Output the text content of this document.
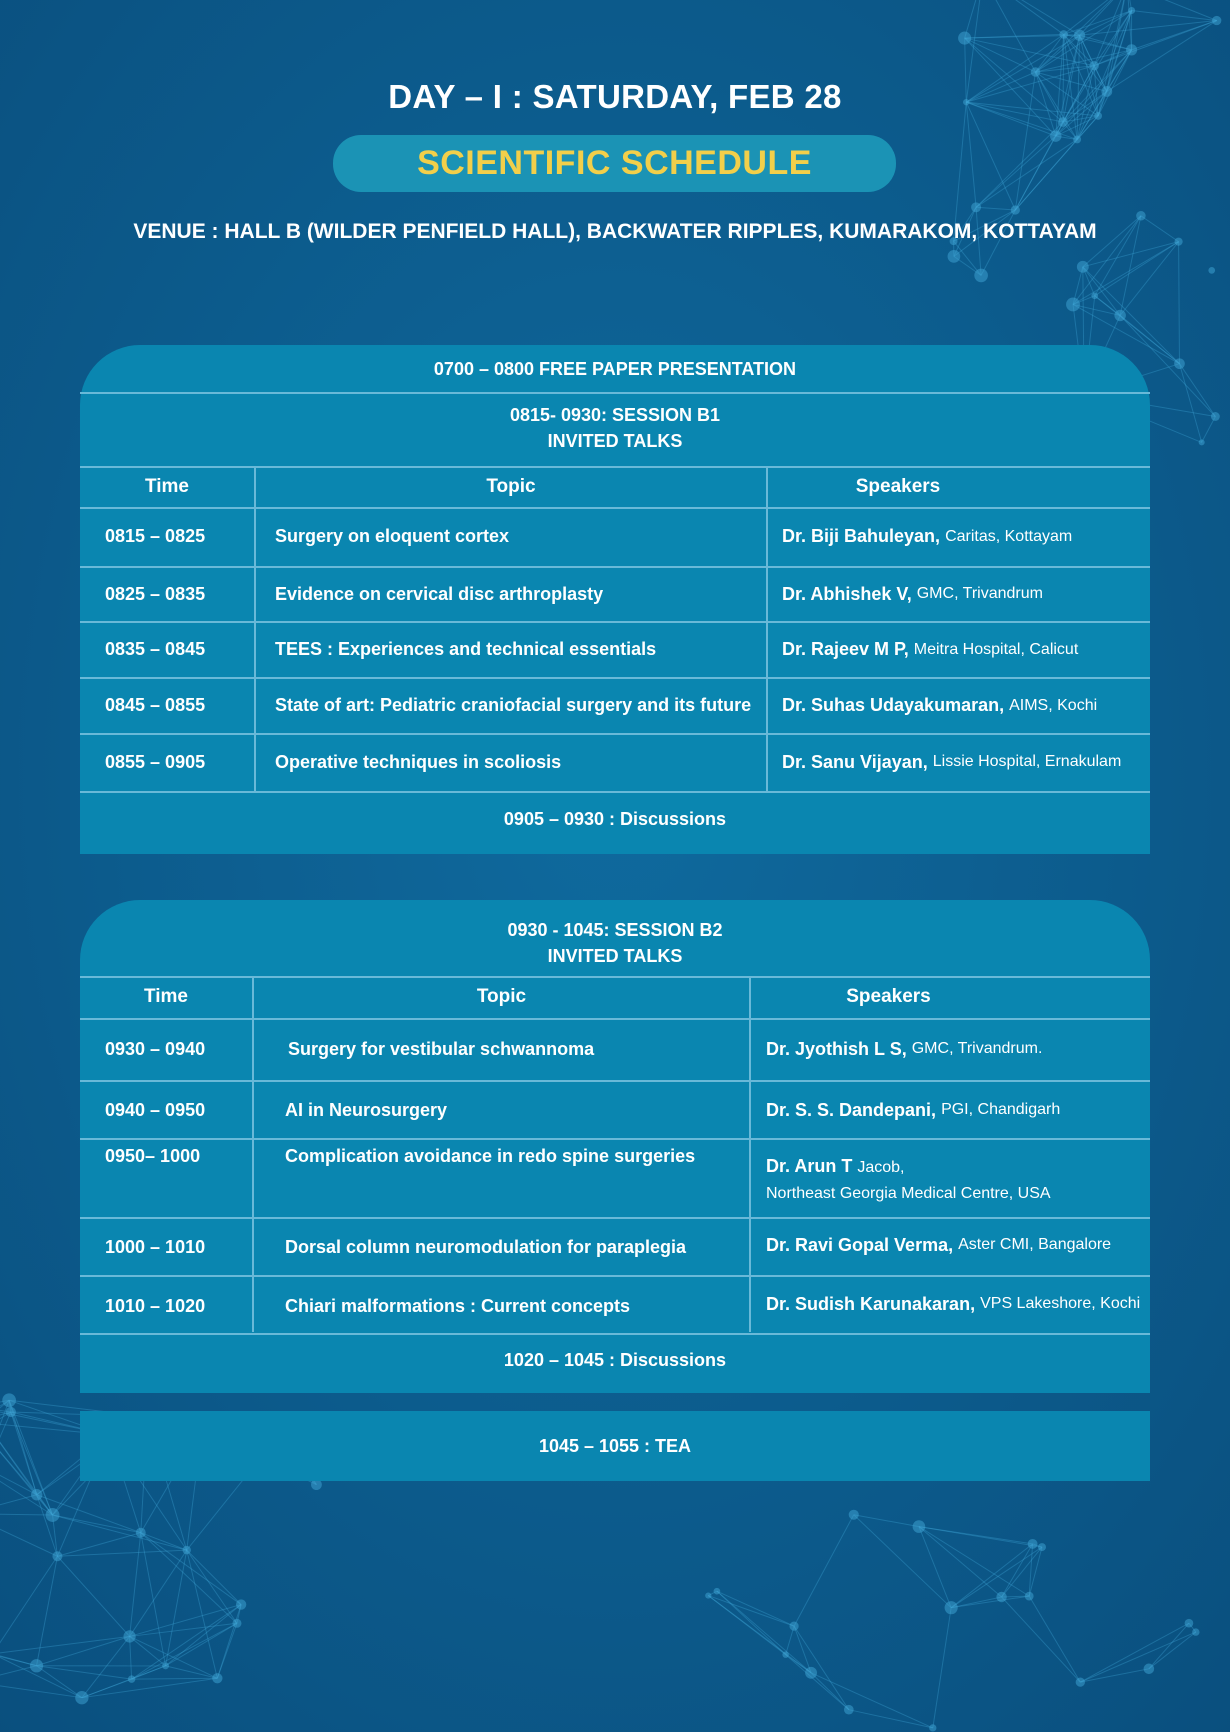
DAY – I : SATURDAY, FEB 28
SCIENTIFIC SCHEDULE
VENUE : HALL B (WILDER PENFIELD HALL), BACKWATER RIPPLES, KUMARAKOM, KOTTAYAM
0700 – 0800 FREE PAPER PRESENTATION
0815- 0930: SESSION B1
INVITED TALKS
Time	Topic	Speakers
0815 – 0825	Surgery on eloquent cortex	Dr. Biji Bahuleyan,
Caritas, Kottayam
0825 – 0835	Evidence on cervical disc arthroplasty	Dr. Abhishek V,
GMC, Trivandrum
0835 – 0845	TEES : Experiences and technical essentials	Dr. Rajeev M P,
Meitra Hospital, Calicut
0845 – 0855	State of art: Pediatric craniofacial surgery and its future Dr. Suhas Udayakumaran,
AIMS, Kochi
0855 – 0905	Operative techniques in scoliosis	Dr. Sanu Vijayan,
Lissie Hospital, Ernakulam
0905 – 0930 : Discussions
0930 - 1045: SESSION B2
INVITED TALKS
Time	Topic	Speakers
0930 – 0940	Surgery for vestibular schwannoma	Dr. Jyothish L S,
GMC, Trivandrum.
0940 – 0950	AI in Neurosurgery	Dr. S. S. Dandepani,
PGI, Chandigarh
0950– 1000	Complication avoidance in redo spine surgeries	Dr. Arun T Jacob,
Northeast Georgia Medical Centre, USA
1000 – 1010	Dorsal column neuromodulation for paraplegia	Dr. Ravi Gopal Verma,
Aster CMI, Bangalore
1010 – 1020	Chiari malformations : Current concepts	Dr. Sudish Karunakaran,
VPS Lakeshore, Kochi
1020 – 1045 : Discussions
1045 – 1055 : TEA
